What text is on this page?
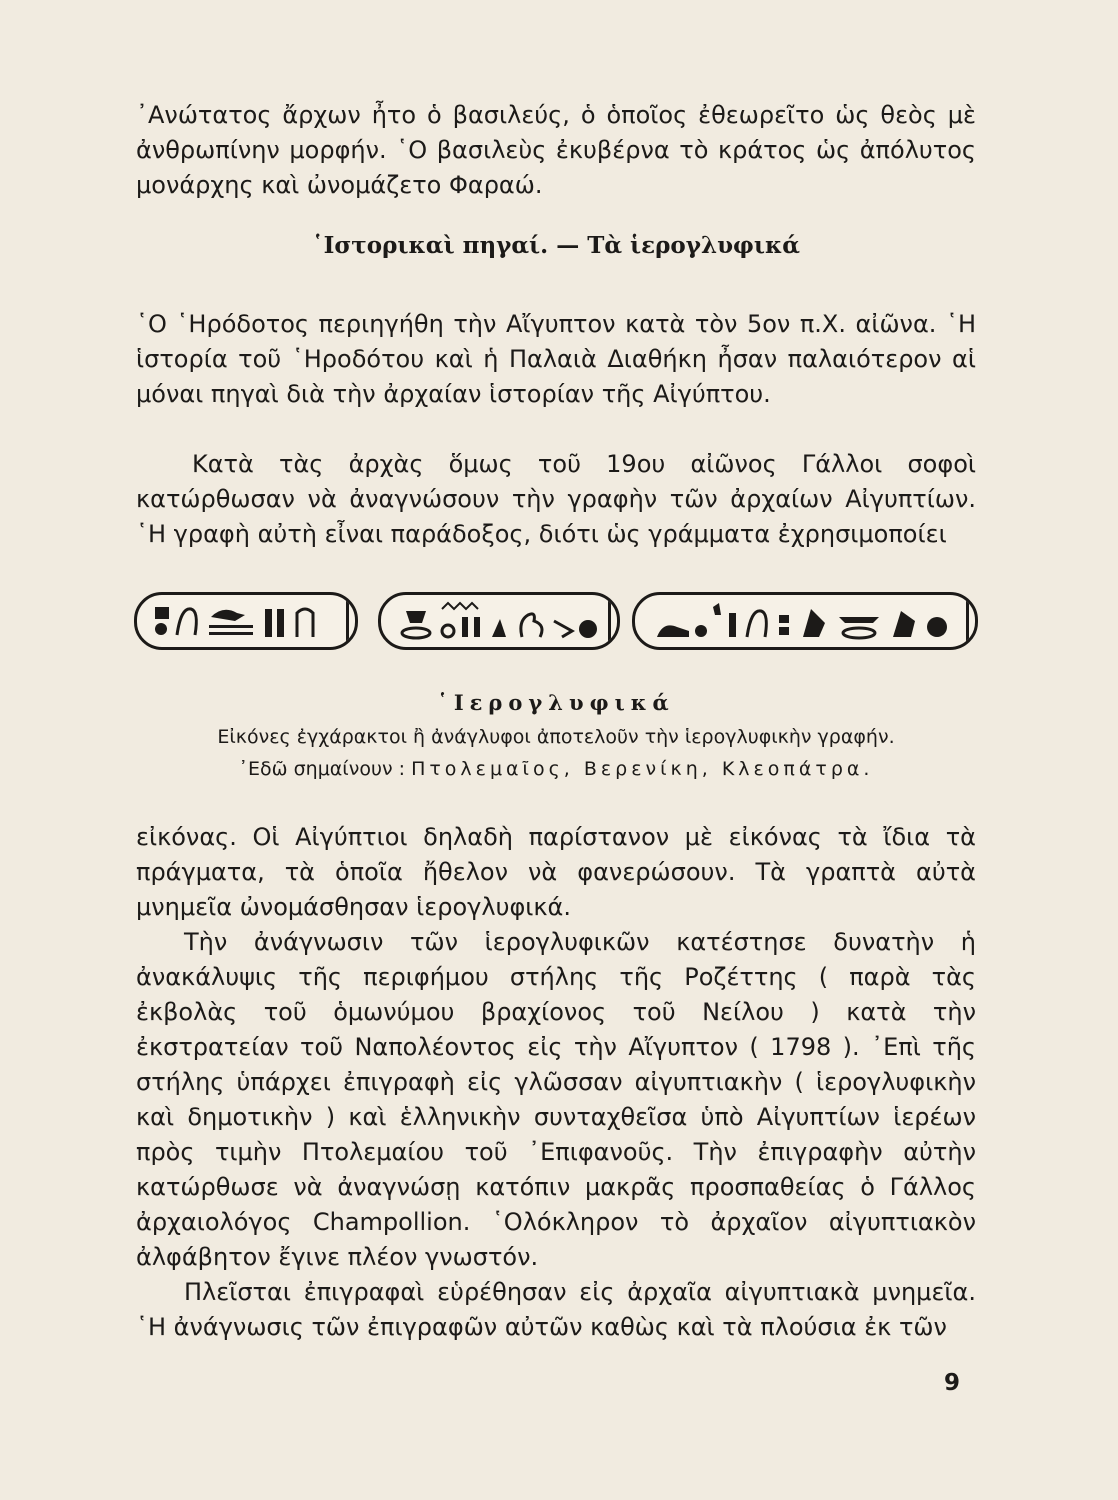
᾿Ανώτατος ἄρχων ἦτο ὁ βασιλεύς, ὁ ὁποῖος ἐθεωρεῖτο ὡς θεὸς μὲ ἀνθρωπίνην μορφήν. ῾Ο βασιλεὺς ἐκυβέρνα τὸ κράτος ὡς ἀπόλυτος μονάρχης καὶ ὠνομάζετο Φαραώ.

῾Ιστορικαὶ πηγαί. — Τὰ ἱερογλυφικά

῾Ο ῾Ηρόδοτος περιηγήθη τὴν Αἴγυπτον κατὰ τὸν 5ον π.Χ. αἰῶνα. ῾Η ἱστορία τοῦ ῾Ηροδότου καὶ ἡ Παλαιὰ Διαθήκη ἦσαν παλαιότερον αἱ μόναι πηγαὶ διὰ τὴν ἀρχαίαν ἱστορίαν τῆς Αἰγύπτου.

Κατὰ τὰς ἀρχὰς ὅμως τοῦ 19ου αἰῶνος Γάλλοι σοφοὶ κατώρθωσαν νὰ ἀναγνώσουν τὴν γραφὴν τῶν ἀρχαίων Αἰγυπτίων. ῾Η γραφὴ αὐτὴ εἶναι παράδοξος, διότι ὡς γράμματα ἐχρησιμοποίει

῾Ιερογλυφικά

Εἰκόνες ἐγχάρακτοι ἢ ἀνάγλυφοι ἀποτελοῦν τὴν ἱερογλυφικὴν γραφήν.

᾿Εδῶ σημαίνουν : Πτολεμαῖος, Βερενίκη, Κλεοπάτρα.

εἰκόνας. Οἱ Αἰγύπτιοι δηλαδὴ παρίστανον μὲ εἰκόνας τὰ ἴδια τὰ πράγματα, τὰ ὁποῖα ἤθελον νὰ φανερώσουν. Τὰ γραπτὰ αὐτὰ μνημεῖα ὠνομάσθησαν ἱερογλυφικά.

Τὴν ἀνάγνωσιν τῶν ἱερογλυφικῶν κατέστησε δυνατὴν ἡ ἀνακάλυψις τῆς περιφήμου στήλης τῆς Ροζέττης ( παρὰ τὰς ἐκβολὰς τοῦ ὁμωνύμου βραχίονος τοῦ Νείλου ) κατὰ τὴν ἐκστρατείαν τοῦ Ναπολέοντος εἰς τὴν Αἴγυπτον ( 1798 ). ᾿Επὶ τῆς στήλης ὑπάρχει ἐπιγραφὴ εἰς γλῶσσαν αἰγυπτιακὴν ( ἱερογλυφικὴν καὶ δημοτικὴν ) καὶ ἑλληνικὴν συνταχθεῖσα ὑπὸ Αἰγυπτίων ἱερέων πρὸς τιμὴν Πτολεμαίου τοῦ ᾿Επιφανοῦς. Τὴν ἐπιγραφὴν αὐτὴν κατώρθωσε νὰ ἀναγνώσῃ κατόπιν μακρᾶς προσπαθείας ὁ Γάλλος ἀρχαιολόγος Champollion. ῾Ολόκληρον τὸ ἀρχαῖον αἰγυπτιακὸν ἀλφάβητον ἔγινε πλέον γνωστόν.

Πλεῖσται ἐπιγραφαὶ εὑρέθησαν εἰς ἀρχαῖα αἰγυπτιακὰ μνημεῖα. ῾Η ἀνάγνωσις τῶν ἐπιγραφῶν αὐτῶν καθὼς καὶ τὰ πλούσια ἐκ τῶν

9
